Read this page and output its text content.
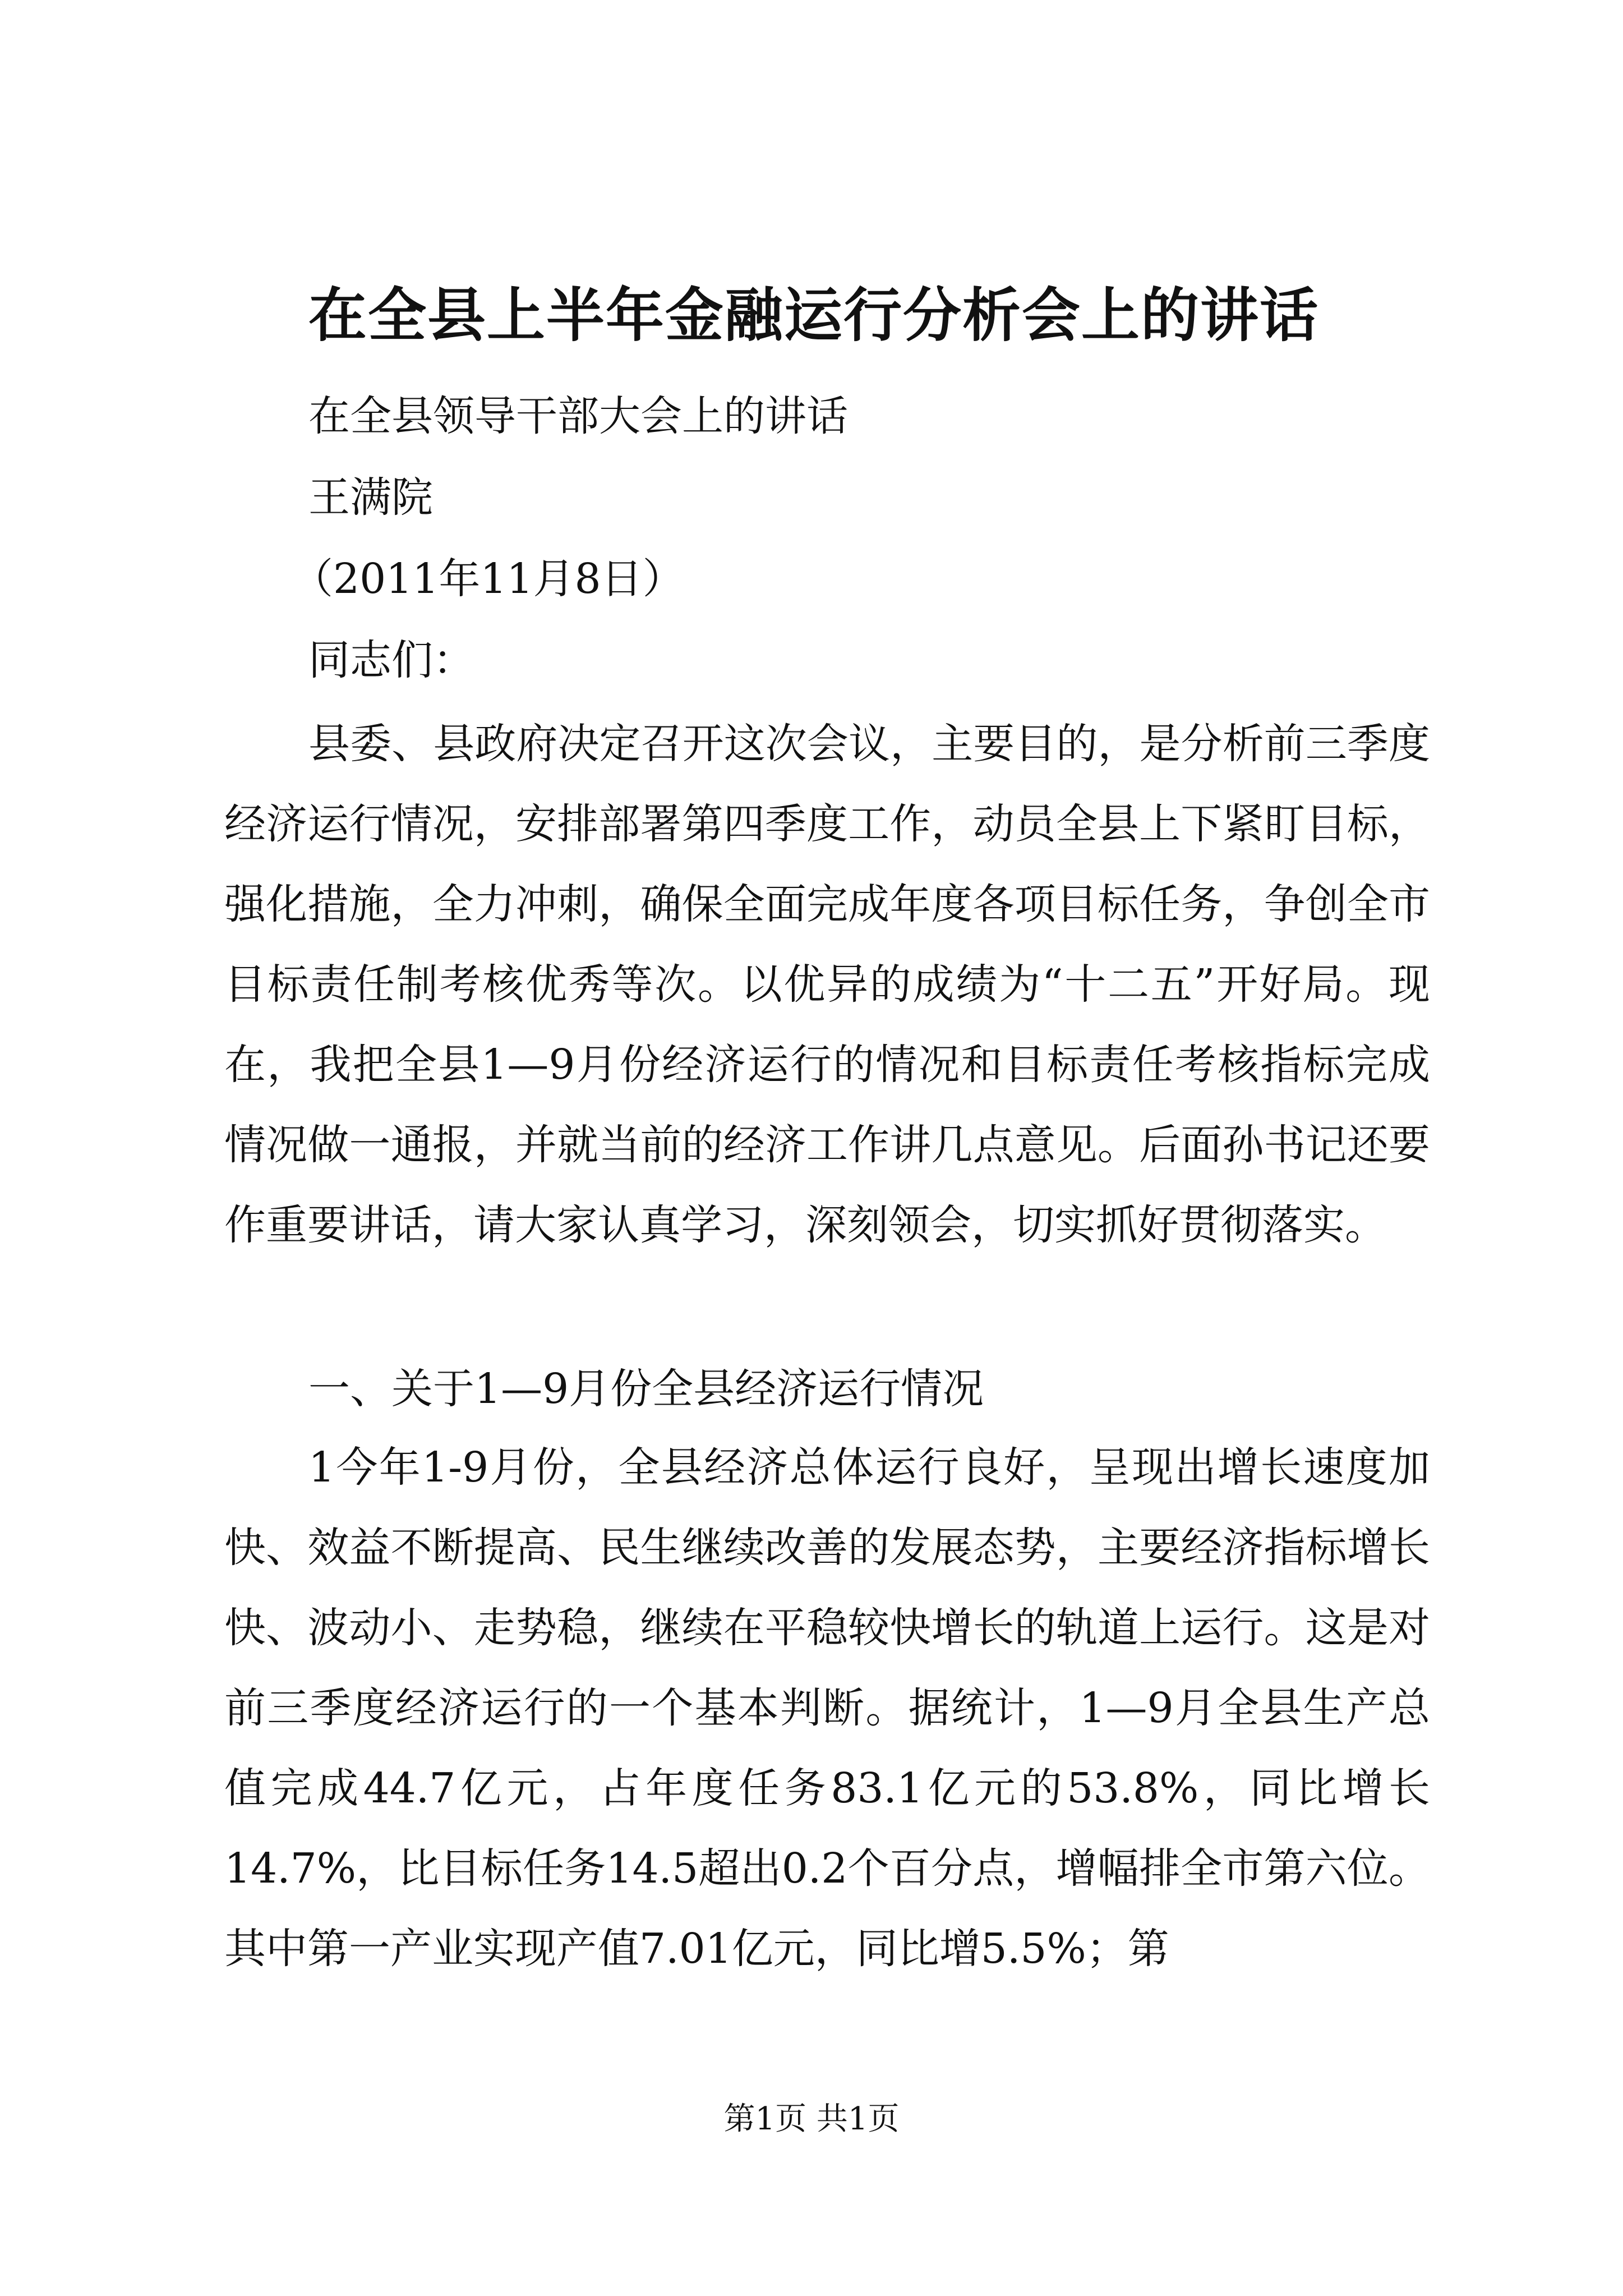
在全县上半年金融运行分析会上的讲话
在全县领导干部大会上的讲话
王满院
（2011年11月8日）
同志们：

县委、县政府决定召开这次会议，主要目的，是分析前三季度经济运行情况，安排部署第四季度工作，动员全县上下紧盯目标，强化措施，全力冲刺，确保全面完成年度各项目标任务，争创全市目标责任制考核优秀等次。以优异的成绩为“十二五”开好局。现在，我把全县1—9月份经济运行的情况和目标责任考核指标完成情况做一通报，并就当前的经济工作讲几点意见。后面孙书记还要作重要讲话，请大家认真学习，深刻领会，切实抓好贯彻落实。

一、关于1—9月份全县经济运行情况

1今年1-9月份，全县经济总体运行良好，呈现出增长速度加快、效益不断提高、民生继续改善的发展态势，主要经济指标增长快、波动小、走势稳，继续在平稳较快增长的轨道上运行。这是对前三季度经济运行的一个基本判断。据统计，1—9月全县生产总值完成44.7亿元，占年度任务83.1亿元的53.8%，同比增长14.7%，比目标任务14.5超出0.2个百分点，增幅排全市第六位。其中第一产业实现产值7.01亿元，同比增5.5%；第

第1页 共1页
